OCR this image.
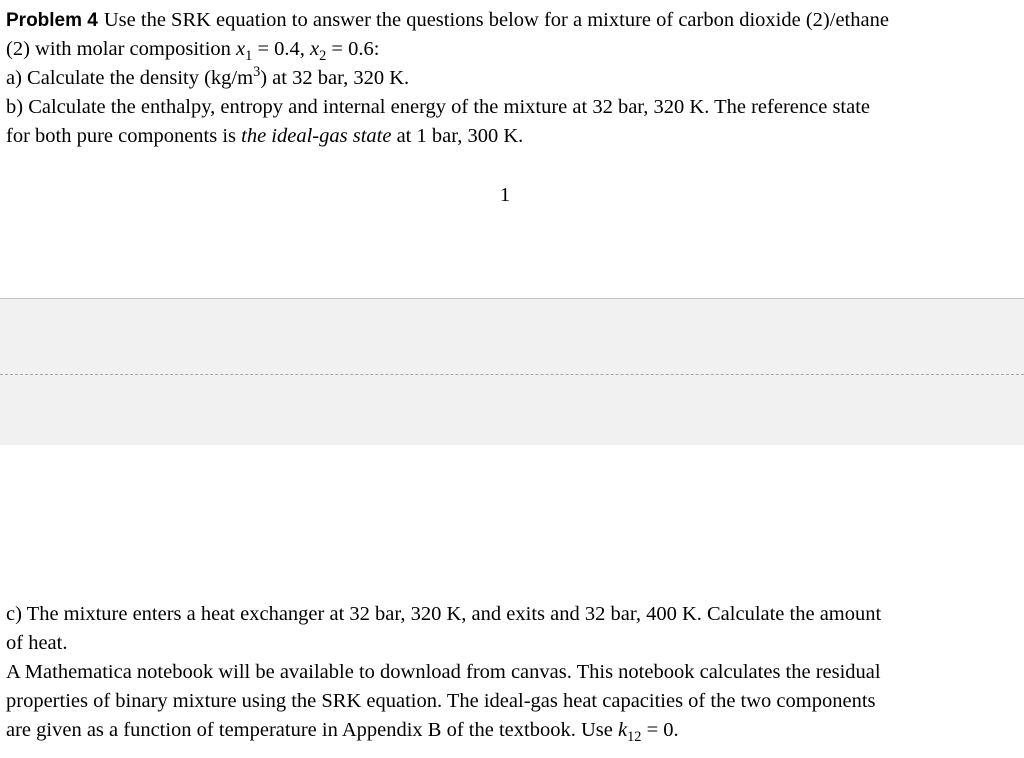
Problem 4 Use the SRK equation to answer the questions below for a mixture of carbon dioxide (2)/ethane
(2) with molar composition $x_1 = 0.4$, $x_2 = 0.6$:
a) Calculate the density $(kg/m^3)$ at 32 bar, 320 K.
b) Calculate the enthalpy, entropy and internal energy of the mixture at 32 bar, 320 K. The reference state
for both pure components is the ideal-gas state at 1 bar, 300 K.
1
c) The mixture enters a heat exchanger at 32 bar, 320 K, and exits and 32 bar, 400 K. Calculate the amount
of heat.
A Mathematica notebook will be available to download from canvas. This notebook calculates the residual
properties of binary mixture using the SRK equation. The ideal-gas heat capacities of the two components
are given as a function of temperature in Appendix B of the textbook. Use $k_{12} = 0$.
